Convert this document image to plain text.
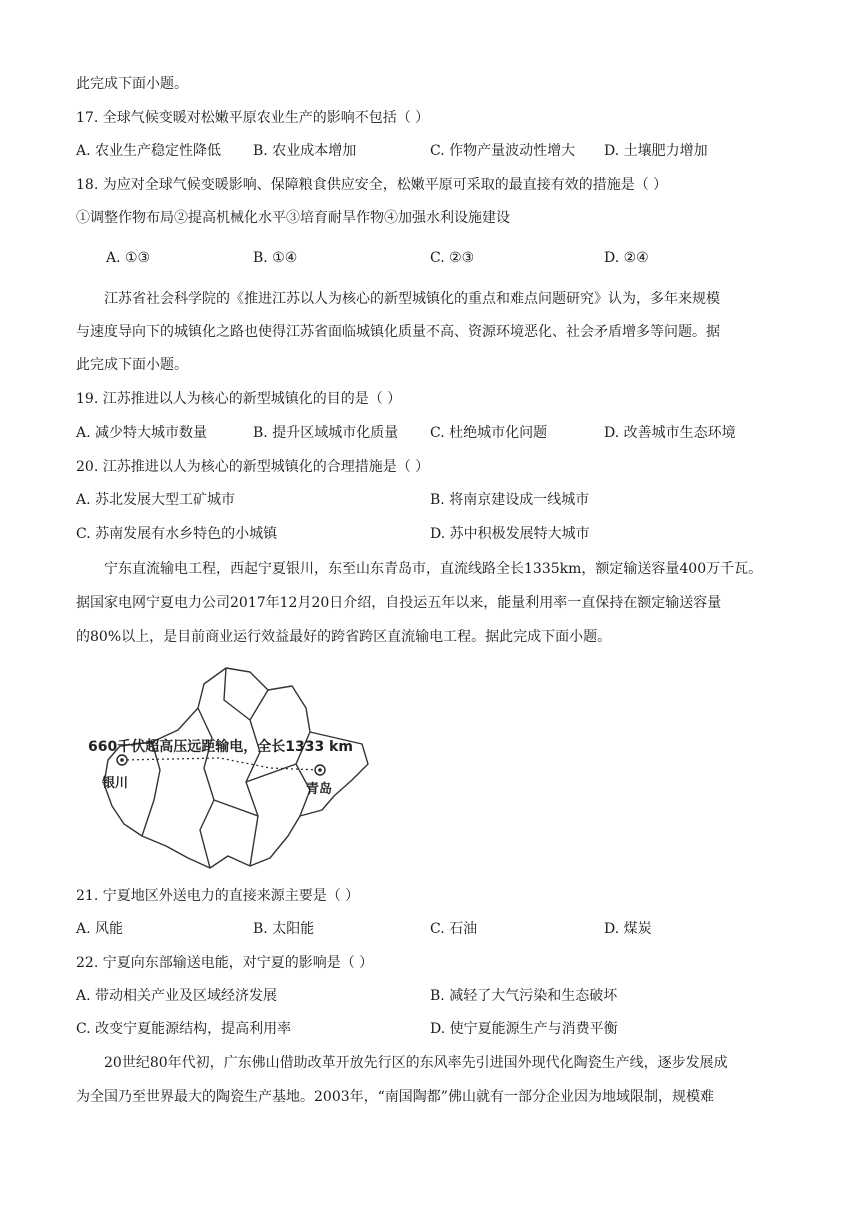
此完成下面小题。
17. 全球气候变暖对松嫩平原农业生产的影响不包括（ ）
A. 农业生产稳定性降低 B. 农业成本增加	C. 作物产量波动性增大 D. 土壤肥力增加
18. 为应对全球气候变暖影响、保障粮食供应安全，松嫩平原可采取的最直接有效的措施是（ ）
①调整作物布局②提高机械化水平③培育耐旱作物④加强水利设施建设
A. ①③	B. ①④	C. ②③	D. ②④
江苏省社会科学院的《推进江苏以人为核心的新型城镇化的重点和难点问题研究》认为，多年来规模
与速度导向下的城镇化之路也使得江苏省面临城镇化质量不高、资源环境恶化、社会矛盾增多等问题。据
此完成下面小题。
19. 江苏推进以人为核心的新型城镇化的目的是（ ）
A. 减少特大城市数量	B. 提升区域城市化质量 C. 杜绝城市化问题	D. 改善城市生态环境
20. 江苏推进以人为核心的新型城镇化的合理措施是（ ）
A. 苏北发展大型工矿城市	B. 将南京建设成一线城市
C. 苏南发展有水乡特色的小城镇	D. 苏中积极发展特大城市
宁东直流输电工程，西起宁夏银川，东至山东青岛市，直流线路全长1335km，额定输送容量400万千瓦。
据国家电网宁夏电力公司2017年12月20日介绍，自投运五年以来，能量利用率一直保持在额定输送容量
的80%以上，是目前商业运行效益最好的跨省跨区直流输电工程。据此完成下面小题。
660千伏超高压远距输电，全长1333 km
银川	青岛
21. 宁夏地区外送电力的直接来源主要是（ ）
A. 风能	B. 太阳能	C. 石油	D. 煤炭
22. 宁夏向东部输送电能，对宁夏的影响是（ ）
A. 带动相关产业及区域经济发展	B. 减轻了大气污染和生态破坏
C. 改变宁夏能源结构，提高利用率	D. 使宁夏能源生产与消费平衡
20世纪80年代初，广东佛山借助改革开放先行区的东风率先引进国外现代化陶瓷生产线，逐步发展成
为全国乃至世界最大的陶瓷生产基地。2003年，“南国陶都”佛山就有一部分企业因为地域限制，规模难
